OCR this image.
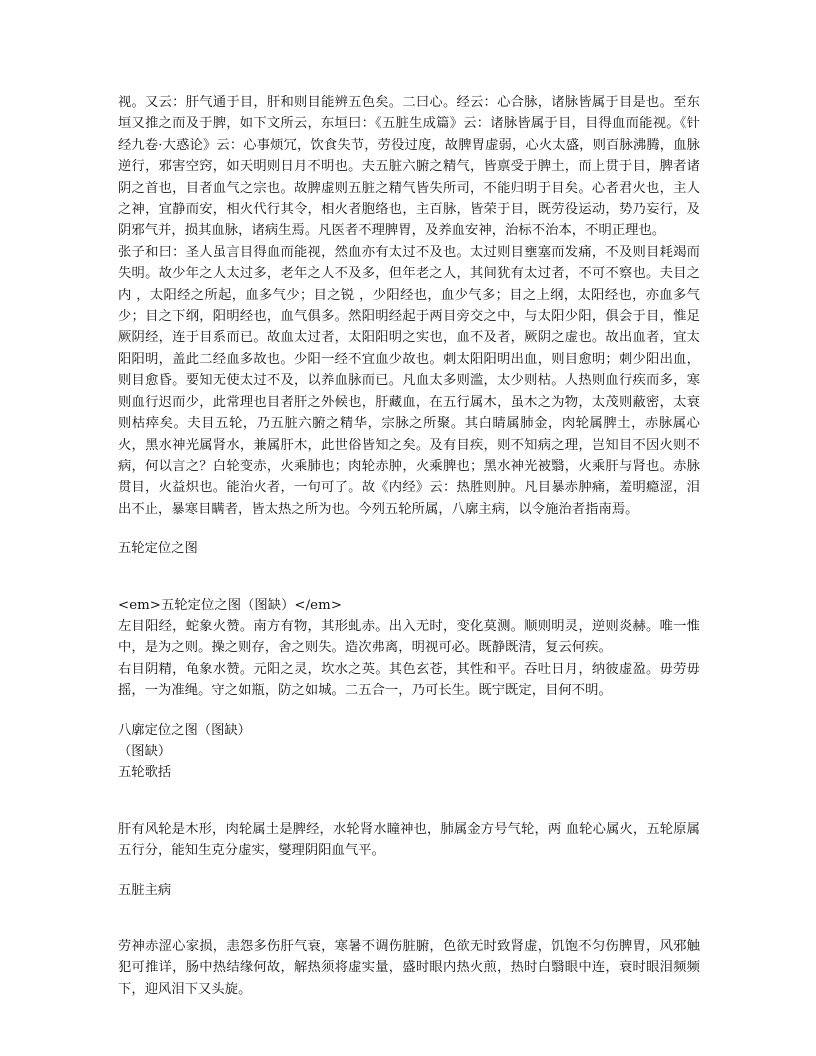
视。又云：肝气通于目，肝和则目能辨五色矣。二曰心。经云：心合脉，诸脉皆属于目是也。至东垣又推之而及于脾，如下文所云，东垣曰：《五脏生成篇》云：诸脉皆属于目，目得血而能视。《针经九卷·大惑论》云：心事烦冗，饮食失节，劳役过度，故脾胃虚弱，心火太盛，则百脉沸腾，血脉逆行，邪害空窍，如天明则日月不明也。夫五脏六腑之精气，皆禀受于脾土，而上贯于目，脾者诸阴之首也，目者血气之宗也。故脾虚则五脏之精气皆失所司，不能归明于目矣。心者君火也，主人之神，宜静而安，相火代行其令，相火者胞络也，主百脉，皆荣于目，既劳役运动，势乃妄行，及阴邪气并，损其血脉，诸病生焉。凡医者不理脾胃，及养血安神，治标不治本，不明正理也。

张子和曰：圣人虽言目得血而能视，然血亦有太过不及也。太过则目壅塞而发痛，不及则目耗竭而失明。故少年之人太过多，老年之人不及多，但年老之人，其间犹有太过者，不可不察也。夫目之内 ，太阳经之所起，血多气少；目之锐 ，少阳经也，血少气多；目之上纲，太阳经也，亦血多气少；目之下纲，阳明经也，血气俱多。然阳明经起于两目旁交之中，与太阳少阳，俱会于目，惟足厥阴经，连于目系而已。故血太过者，太阳阳明之实也，血不及者，厥阴之虚也。故出血者，宜太阳阳明，盖此二经血多故也。少阳一经不宜血少故也。刺太阳阳明出血，则目愈明；刺少阳出血，则目愈昏。要知无使太过不及，以养血脉而已。凡血太多则滥，太少则枯。人热则血行疾而多，寒则血行迟而少，此常理也目者肝之外候也，肝藏血，在五行属木，虽木之为物，太茂则蔽密，太衰则枯瘁矣。夫目五轮，乃五脏六腑之精华，宗脉之所聚。其白睛属肺金，肉轮属脾土，赤脉属心火，黑水神光属肾水，兼属肝木，此世俗皆知之矣。及有目疾，则不知病之理，岂知目不因火则不病，何以言之？白轮变赤，火乘肺也；肉轮赤肿，火乘脾也；黑水神光被翳，火乘肝与肾也。赤脉贯目，火益炽也。能治火者，一句可了。故《内经》云：热胜则肿。凡目暴赤肿痛，羞明瘾涩，泪出不止，暴寒目瞒者，皆太热之所为也。今列五轮所属，八廓主病，以令施治者指南焉。

五轮定位之图

<em>五轮定位之图（图缺）</em>

左目阳经，蛇象火赞。南方有物，其形虬赤。出入无时，变化莫测。顺则明灵，逆则炎赫。唯一惟中，是为之则。操之则存，舍之则失。造次弗离，明视可必。既静既清，复云何疾。

右目阴精，龟象水赞。元阳之灵，坎水之英。其色玄苍，其性和平。吞吐日月，纳彼虚盈。毋劳毋摇，一为准绳。守之如瓶，防之如城。二五合一，乃可长生。既宁既定，目何不明。

八廓定位之图（图缺）

（图缺）

五轮歌括

肝有风轮是木形，肉轮属土是脾经，水轮肾水瞳神也，肺属金方号气轮，两 血轮心属火，五轮原属五行分，能知生克分虚实，燮理阴阳血气平。

五脏主病

劳神赤涩心家损，恚怨多伤肝气衰，寒暑不调伤脏腑，色欲无时致肾虚，饥饱不匀伤脾胃，风邪触犯可推详，肠中热结缘何故，解热须将虚实量，盛时眼内热火煎，热时白翳眼中连，衰时眼泪频频下，迎风泪下又头旋。
